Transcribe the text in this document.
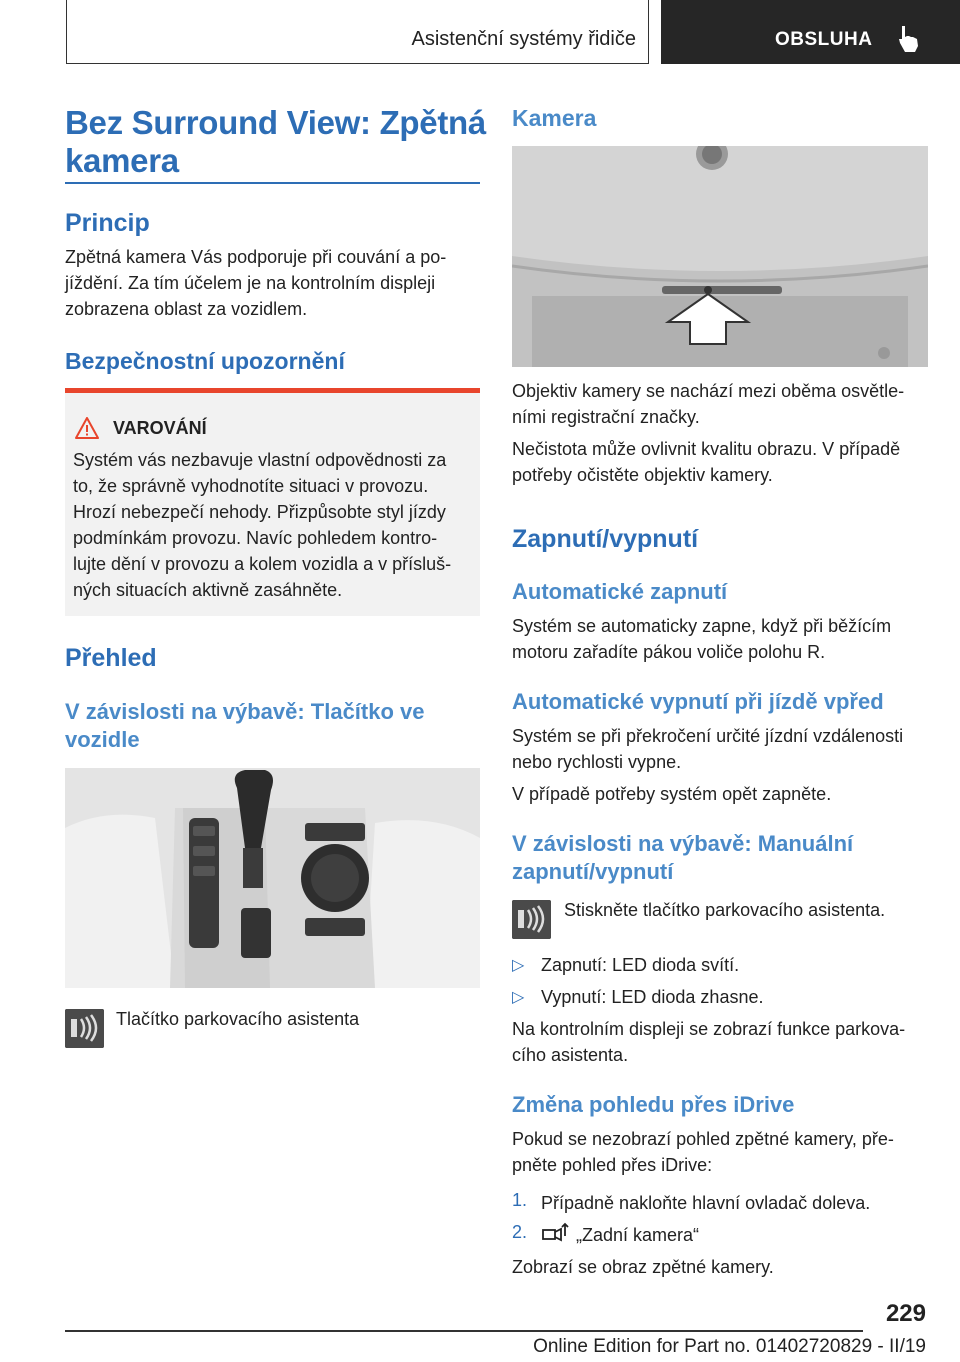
Asistenční systémy řidiče	OBSLUHA
Bez Surround View: Zpětná
kamera
Princip
Zpětná kamera Vás podporuje při couvání a po-
jíždění. Za tím účelem je na kontrolním displeji
zobrazena oblast za vozidlem.
Bezpečnostní upozornění
VAROVÁNÍ
Systém vás nezbavuje vlastní odpovědnosti za
to, že správně vyhodnotíte situaci v provozu.
Hrozí nebezpečí nehody. Přizpůsobte styl jízdy
podmínkám provozu. Navíc pohledem kontro-
lujte dění v provozu a kolem vozidla a v přísluš-
ných situacích aktivně zasáhněte.
Přehled
V závislosti na výbavě: Tlačítko ve
vozidle
Tlačítko parkovacího asistenta
Kamera
Objektiv kamery se nachází mezi oběma osvětle-
ními registrační značky.
Nečistota může ovlivnit kvalitu obrazu. V případě
potřeby očistěte objektiv kamery.
Zapnutí/vypnutí
Automatické zapnutí
Systém se automaticky zapne, když při běžícím
motoru zařadíte pákou voliče polohu R.
Automatické vypnutí při jízdě vpřed
Systém se při překročení určité jízdní vzdálenosti
nebo rychlosti vypne.
V případě potřeby systém opět zapněte.
V závislosti na výbavě: Manuální
zapnutí/vypnutí
Stiskněte tlačítko parkovacího asistenta.
▷ Zapnutí: LED dioda svítí.
▷ Vypnutí: LED dioda zhasne.
Na kontrolním displeji se zobrazí funkce parkova-
cího asistenta.
Změna pohledu přes iDrive
Pokud se nezobrazí pohled zpětné kamery, pře-
pněte pohled přes iDrive:
1. Případně nakloňte hlavní ovladač doleva.
2.	„Zadní kamera“
Zobrazí se obraz zpětné kamery.
229
Online Edition for Part no. 01402720829 - II/19
